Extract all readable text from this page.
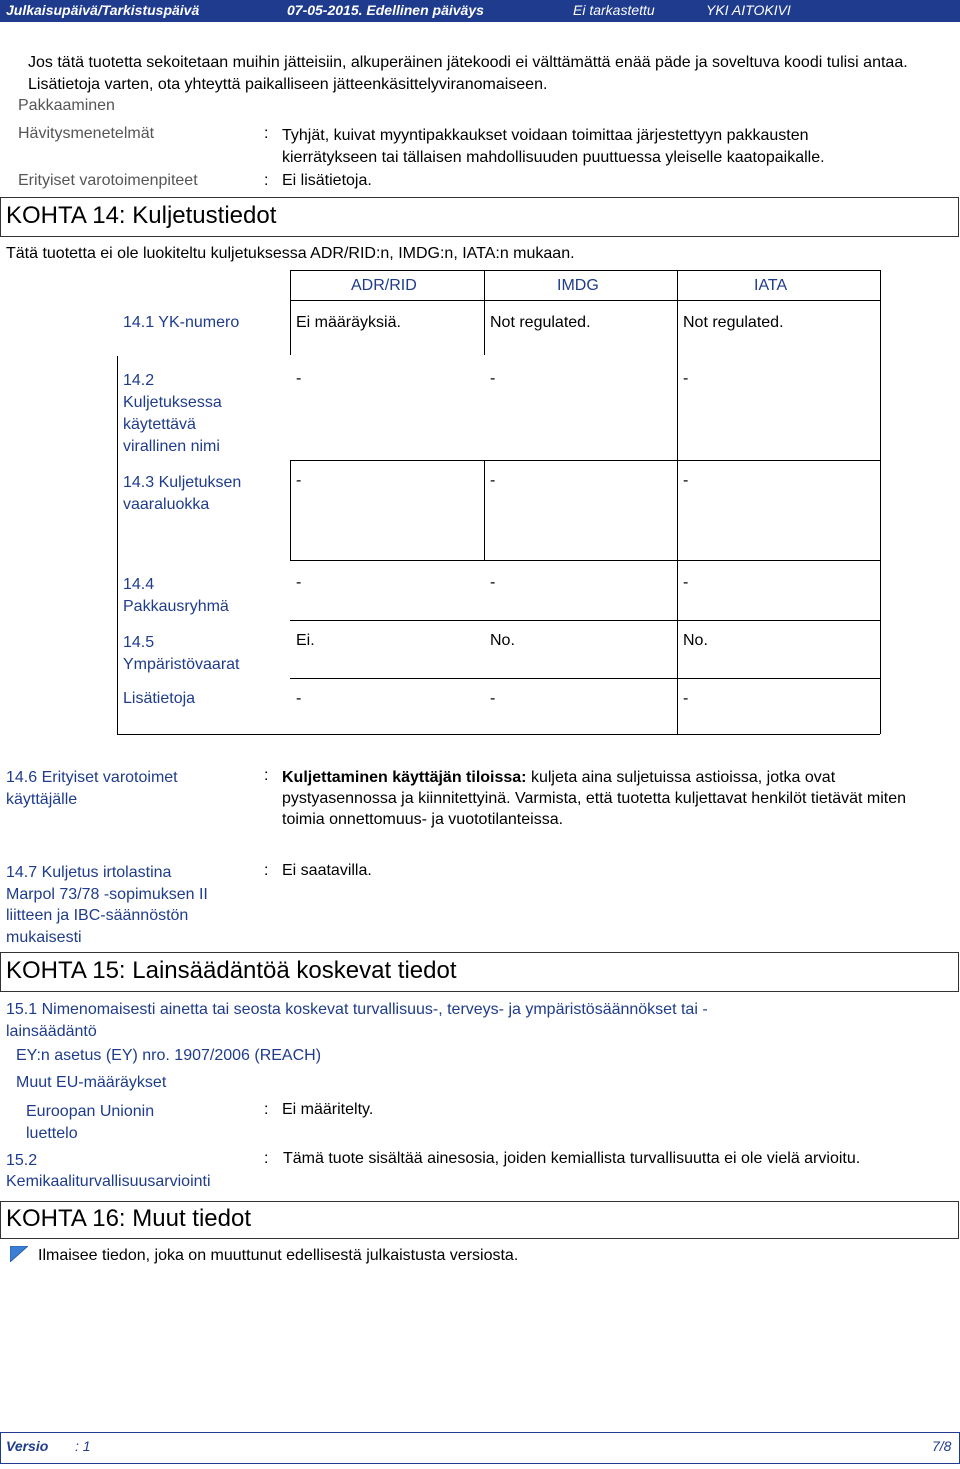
Julkaisupäivä/Tarkistuspäivä	07-05-2015. Edellinen päiväys	Ei tarkastettu
aikaisemmin.
YKI AITOKIVI
Jos tätä tuotetta sekoitetaan muihin jätteisiin, alkuperäinen jätekoodi ei välttämättä enää päde ja soveltuva koodi tulisi antaa. Lisätietoja varten, ota yhteyttä paikalliseen jätteenkäsittelyviranomaiseen.
Pakkaaminen
Hävitysmenetelmät	: Tyhjät, kuivat myyntipakkaukset voidaan toimittaa järjestettyyn pakkausten kierrätykseen tai tällaisen mahdollisuuden puuttuessa yleiselle kaatopaikalle.
Erityiset varotoimenpiteet	: Ei lisätietoja.
KOHTA 14: Kuljetustiedot
Tätä tuotetta ei ole luokiteltu kuljetuksessa ADR/RID:n, IMDG:n, IATA:n mukaan.
ADR/RID	IMDG	IATA
14.1 YK-numero	Ei määräyksiä.	Not regulated.	Not regulated.
14.2
Kuljetuksessa
käytettävä
virallinen nimi
-	-	-
14.3 Kuljetuksen
vaaraluokka
-	-	-
14.4
Pakkausryhmä
-	-	-
14.5
Ympäristövaarat
Ei.	No.	No.
Lisätietoja	-	-	-
14.6 Erityiset varotoimet
käyttäjälle
: Kuljettaminen käyttäjän tiloissa: kuljeta aina suljetuissa astioissa, jotka ovat pystyasennossa ja kiinnitettyinä. Varmista, että tuotetta kuljettavat henkilöt tietävät miten toimia onnettomuus- ja vuototilanteissa.
14.7 Kuljetus irtolastina
Marpol 73/78 -sopimuksen II
liitteen ja IBC-säännöstön
mukaisesti
: Ei saatavilla.
KOHTA 15: Lainsäädäntöä koskevat tiedot
15.1 Nimenomaisesti ainetta tai seosta koskevat turvallisuus-, terveys- ja ympäristösäännökset tai -
lainsäädäntö
EY:n asetus (EY) nro. 1907/2006 (REACH)
Muut EU-määräykset
Euroopan Unionin
luettelo
: Ei määritelty.
15.2
Kemikaaliturvallisuusarviointi
: Tämä tuote sisältää ainesosia, joiden kemiallista turvallisuutta ei ole vielä arvioitu.
KOHTA 16: Muut tiedot
Ilmaisee tiedon, joka on muuttunut edellisestä julkaistusta versiosta.
Versio : 1	7/8
